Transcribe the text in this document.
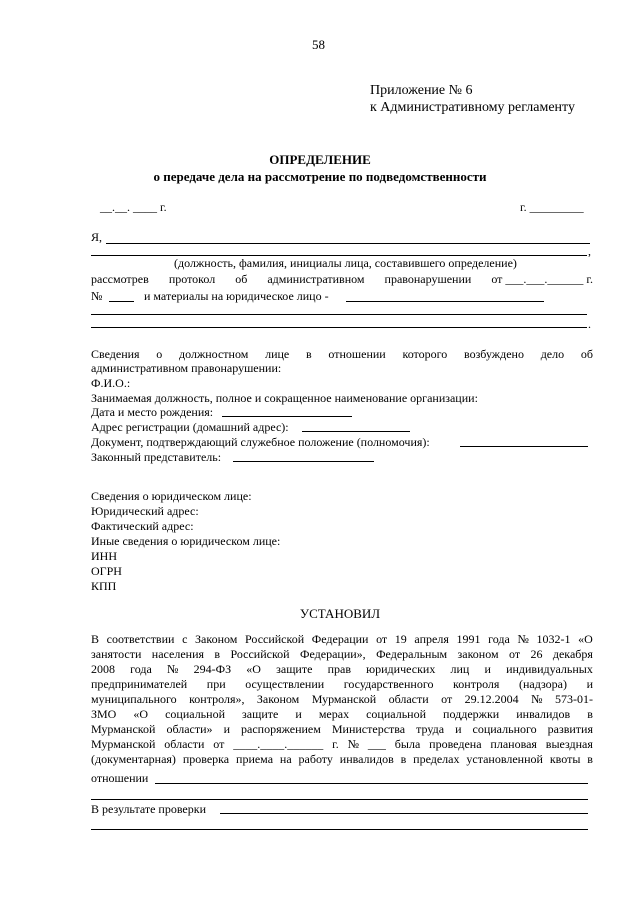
58
Приложение № 6
к Административному регламенту
ОПРЕДЕЛЕНИЕ
о передаче дела на рассмотрение по подведомственности
__.__. ____ г.	г. _________
Я,
,
(должность, фамилия, инициалы лица, составившего определение)
рассмотрев протокол об административном правонарушении от ___.___.______ г.
№	и материалы на юридическое лицо -
.
Сведения о должностном лице в отношении которого возбуждено дело об
административном правонарушении:
Ф.И.О.:
Занимаемая должность, полное и сокращенное наименование организации:
Дата и место рождения:
Адрес регистрации (домашний адрес):
Документ, подтверждающий служебное положение (полномочия):
Законный представитель:
Сведения о юридическом лице:
Юридический адрес:
Фактический адрес:
Иные сведения о юридическом лице:
ИНН
ОГРН
КПП
УСТАНОВИЛ
В соответствии с Законом Российской Федерации от 19 апреля 1991 года № 1032-1 «О
занятости населения в Российской Федерации», Федеральным законом от 26 декабря
2008 года № 294-ФЗ «О защите прав юридических лиц и индивидуальных
предпринимателей при осуществлении государственного контроля (надзора) и
муниципального контроля», Законом Мурманской области от 29.12.2004 № 573-01-
ЗМО «О социальной защите и мерах социальной поддержки инвалидов в
Мурманской области» и распоряжением Министерства труда и социального развития
Мурманской области от ____.____.______ г. № ___ была проведена плановая выездная
(документарная) проверка приема на работу инвалидов в пределах установленной квоты в
отношении
В результате проверки
